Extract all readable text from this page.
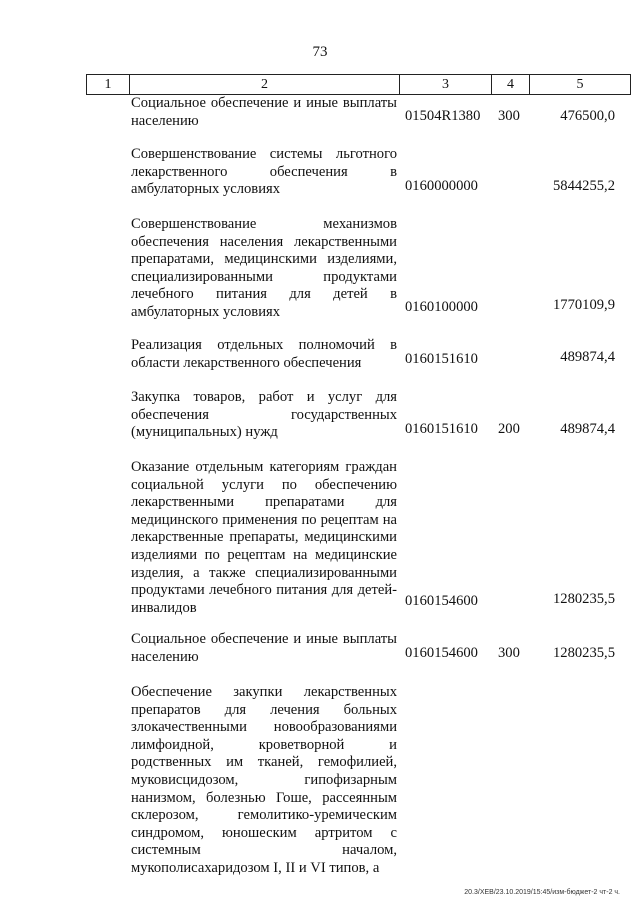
73
1	2	3	4	5
Социальное обеспечение и иные выплаты населению	01504R1380 300	476500,0
Совершенствование системы льготного лекарственного обеспечения в амбулаторных условиях	0160000000	5844255,2
Совершенствование механизмов обеспечения населения лекарственными препаратами, медицинскими изделиями, специализированными продуктами лечебного питания для детей в амбулаторных условиях	0160100000	1770109,9
Реализация отдельных полномочий в области лекарственного обеспечения	0160151610	489874,4
Закупка товаров, работ и услуг для обеспечения государственных (муниципальных) нужд	0160151610 200	489874,4
Оказание отдельным категориям граждан социальной услуги по обеспечению лекарственными препаратами для медицинского применения по рецептам на лекарственные препараты, медицинскими изделиями по рецептам на медицинские изделия, а также специализированными продуктами лечебного питания для детей-инвалидов	0160154600	1280235,5
Социальное обеспечение и иные выплаты населению	0160154600 300 1280235,5
Обеспечение закупки лекарственных препаратов для лечения больных злокачественными новообразованиями лимфоидной, кроветворной и родственных им тканей, гемофилией, муковисцидозом, гипофизарным нанизмом, болезнью Гоше, рассеянным склерозом, гемолитико-уремическим синдромом, юношеским артритом с системным началом, мукополисахаридозом I, II и VI типов, а
20.3/ХЕВ/23.10.2019/15:45/изм-бюджет-2 чт-2 ч.
